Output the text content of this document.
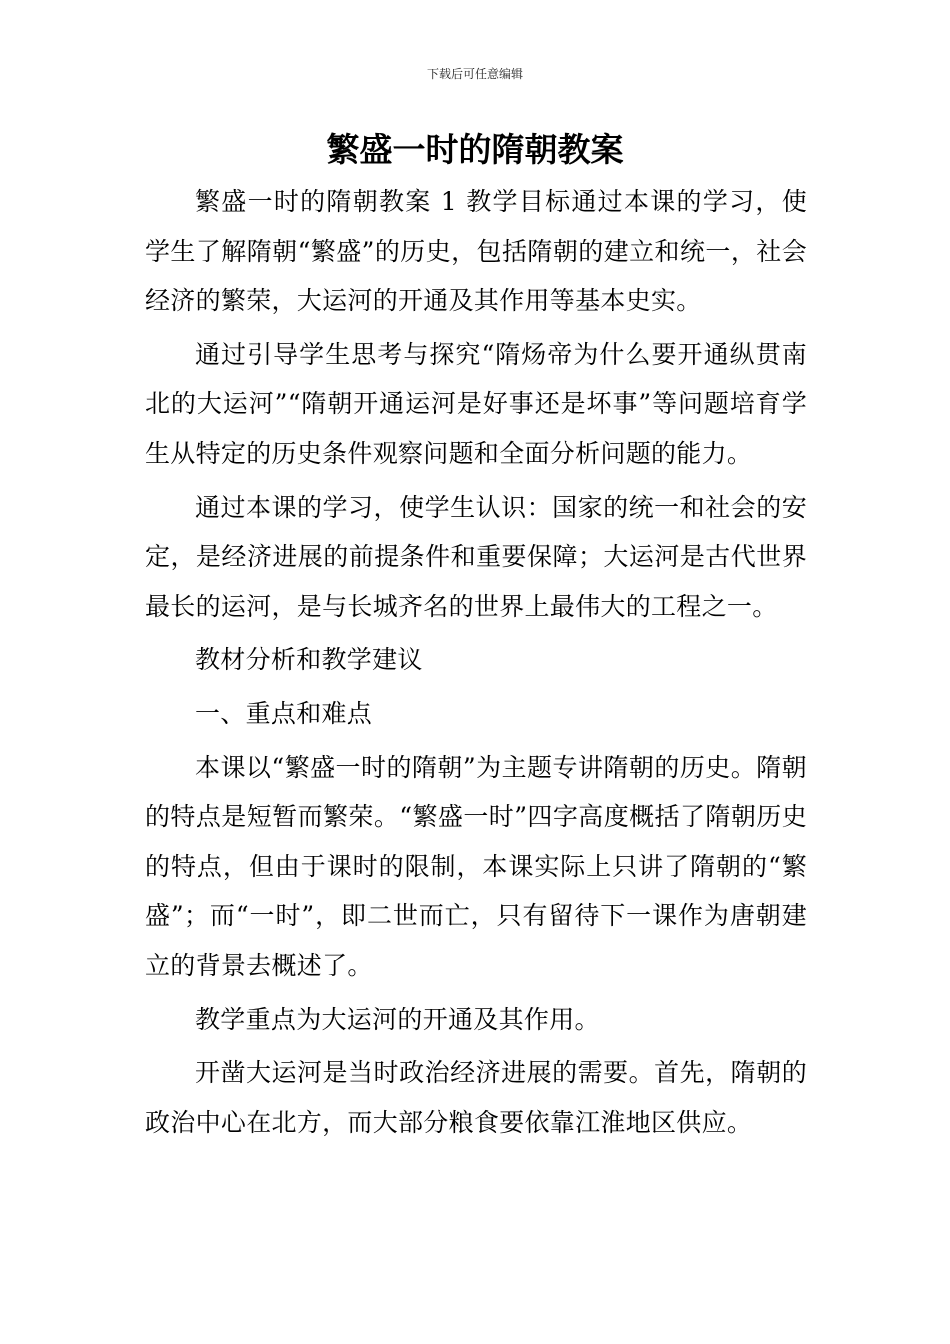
下载后可任意编辑
繁盛一时的隋朝教案

繁盛一时的隋朝教案 1 教学目标通过本课的学习，使学生了解隋朝“繁盛”的历史，包括隋朝的建立和统一，社会经济的繁荣，大运河的开通及其作用等基本史实。

通过引导学生思考与探究“隋炀帝为什么要开通纵贯南北的大运河”“隋朝开通运河是好事还是坏事”等问题培育学生从特定的历史条件观察问题和全面分析问题的能力。

通过本课的学习，使学生认识：国家的统一和社会的安定，是经济进展的前提条件和重要保障；大运河是古代世界最长的运河，是与长城齐名的世界上最伟大的工程之一。

教材分析和教学建议

一、重点和难点

本课以“繁盛一时的隋朝”为主题专讲隋朝的历史。隋朝的特点是短暂而繁荣。“繁盛一时”四字高度概括了隋朝历史的特点，但由于课时的限制，本课实际上只讲了隋朝的“繁盛”；而“一时”，即二世而亡，只有留待下一课作为唐朝建立的背景去概述了。

教学重点为大运河的开通及其作用。

开凿大运河是当时政治经济进展的需要。首先，隋朝的政治中心在北方，而大部分粮食要依靠江淮地区供应。
